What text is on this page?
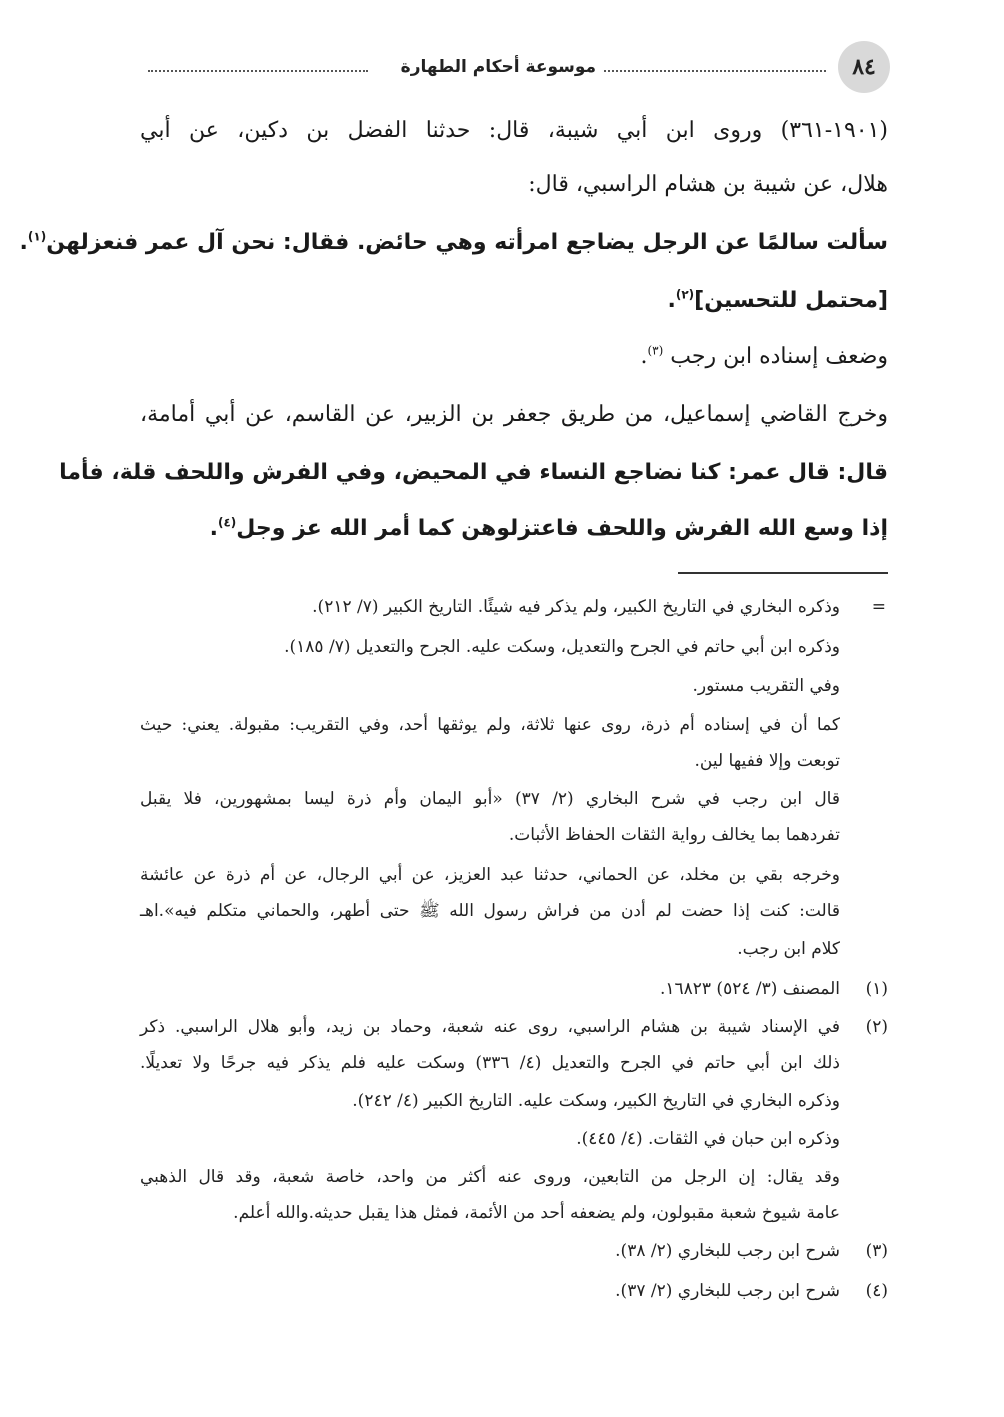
٨٤
موسوعة أحكام الطهارة
(١٩٠١-٣٦١) وروى ابن أبي شيبة، قال: حدثنا الفضل بن دكين، عن أبي
هلال، عن شيبة بن هشام الراسبي، قال:
سألت سالمًا عن الرجل يضاجع امرأته وهي حائض. فقال: نحن آل عمر فنعزلهن$^{(١)}$.
[محتمل للتحسين]$^{(٢)}$.
وضعف إسناده ابن رجب $^{(٣)}$.
وخرج القاضي إسماعيل، من طريق جعفر بن الزبير، عن القاسم، عن أبي أمامة،
قال: قال عمر: كنا نضاجع النساء في المحيض، وفي الفرش واللحف قلة، فأما
إذا وسع الله الفرش واللحف فاعتزلوهن كما أمر الله عز وجل$^{(٤)}$.
=
وذكره البخاري في التاريخ الكبير، ولم يذكر فيه شيئًا. التاريخ الكبير (٧/ ٢١٢).
وذكره ابن أبي حاتم في الجرح والتعديل، وسكت عليه. الجرح والتعديل (٧/ ١٨٥).
وفي التقريب مستور.
كما أن في إسناده أم ذرة، روى عنها ثلاثة، ولم يوثقها أحد، وفي التقريب: مقبولة. يعني: حيث
توبعت وإلا ففيها لين.
قال ابن رجب في شرح البخاري (٢/ ٣٧) «أبو اليمان وأم ذرة ليسا بمشهورين، فلا يقبل
تفردهما بما يخالف رواية الثقات الحفاظ الأثبات.
وخرجه بقي بن مخلد، عن الحماني، حدثنا عبد العزيز، عن أبي الرجال، عن أم ذرة عن عائشة
قالت: كنت إذا حضت لم أدن من فراش رسول الله ﷺ حتى أطهر، والحماني متكلم فيه».اهـ
كلام ابن رجب.
(١)
المصنف (٣/ ٥٢٤) ١٦٨٢٣.
(٢)
في الإسناد شيبة بن هشام الراسبي، روى عنه شعبة، وحماد بن زيد، وأبو هلال الراسبي. ذكر
ذلك ابن أبي حاتم في الجرح والتعديل (٤/ ٣٣٦) وسكت عليه فلم يذكر فيه جرحًا ولا تعديلًا.
وذكره البخاري في التاريخ الكبير، وسكت عليه. التاريخ الكبير (٤/ ٢٤٢).
وذكره ابن حبان في الثقات. (٤/ ٤٤٥).
وقد يقال: إن الرجل من التابعين، وروى عنه أكثر من واحد، خاصة شعبة، وقد قال الذهبي
عامة شيوخ شعبة مقبولون، ولم يضعفه أحد من الأئمة، فمثل هذا يقبل حديثه.والله أعلم.
(٣)
شرح ابن رجب للبخاري (٢/ ٣٨).
(٤)
شرح ابن رجب للبخاري (٢/ ٣٧).
